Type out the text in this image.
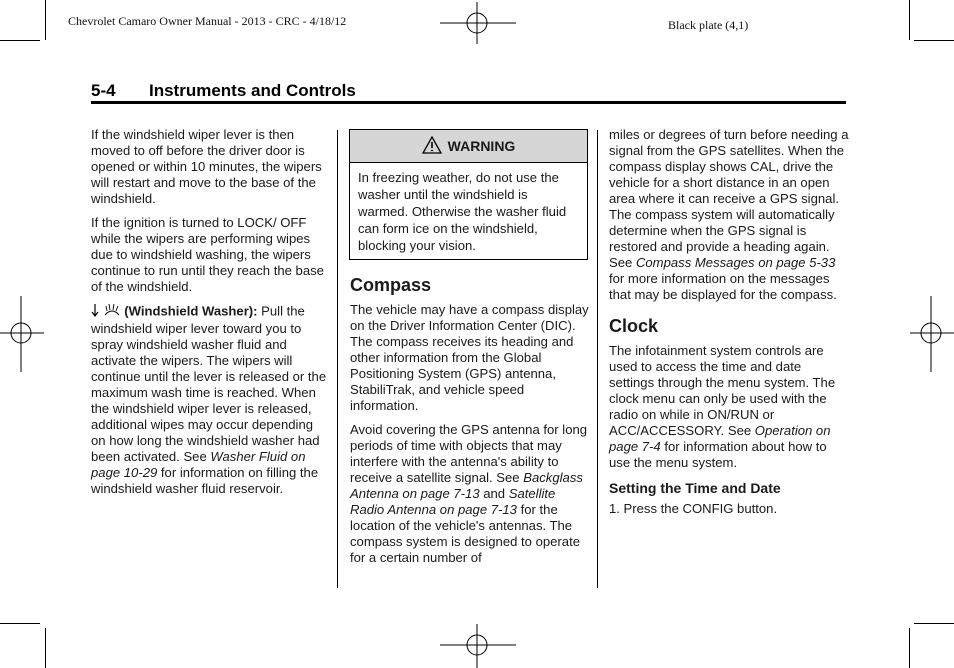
Chevrolet Camaro Owner Manual - 2013 - CRC - 4/18/12	Black plate (4,1)
5-4 Instruments and Controls

If the windshield wiper lever is then moved to off before the driver door is opened or within 10 minutes, the wipers will restart and move to the base of the windshield.

If the ignition is turned to LOCK/ OFF while the wipers are performing wipes due to windshield washing, the wipers continue to run until they reach the base of the windshield.

(Windshield Washer): Pull the windshield wiper lever toward you to spray windshield washer fluid and activate the wipers. The wipers will continue until the lever is released or the maximum wash time is reached. When the windshield wiper lever is released, additional wipes may occur depending on how long the windshield washer had been activated. See Washer Fluid on page 10-29 for information on filling the windshield washer fluid reservoir.

WARNING
In freezing weather, do not use the washer until the windshield is warmed. Otherwise the washer fluid can form ice on the windshield, blocking your vision.
Compass

The vehicle may have a compass display on the Driver Information Center (DIC). The compass receives its heading and other information from the Global Positioning System (GPS) antenna, StabiliTrak, and vehicle speed information.

Avoid covering the GPS antenna for long periods of time with objects that may interfere with the antenna's ability to receive a satellite signal. See Backglass Antenna on page 7-13 and Satellite Radio Antenna on page 7-13 for the location of the vehicle's antennas. The compass system is designed to operate for a certain number of

miles or degrees of turn before needing a signal from the GPS satellites. When the compass display shows CAL, drive the vehicle for a short distance in an open area where it can receive a GPS signal. The compass system will automatically determine when the GPS signal is restored and provide a heading again. See Compass Messages on page 5-33 for more information on the messages that may be displayed for the compass.

Clock

The infotainment system controls are used to access the time and date settings through the menu system. The clock menu can only be used with the radio on while in ON/RUN or ACC/ACCESSORY. See Operation on page 7-4 for information about how to use the menu system.

Setting the Time and Date

1. Press the CONFIG button.
